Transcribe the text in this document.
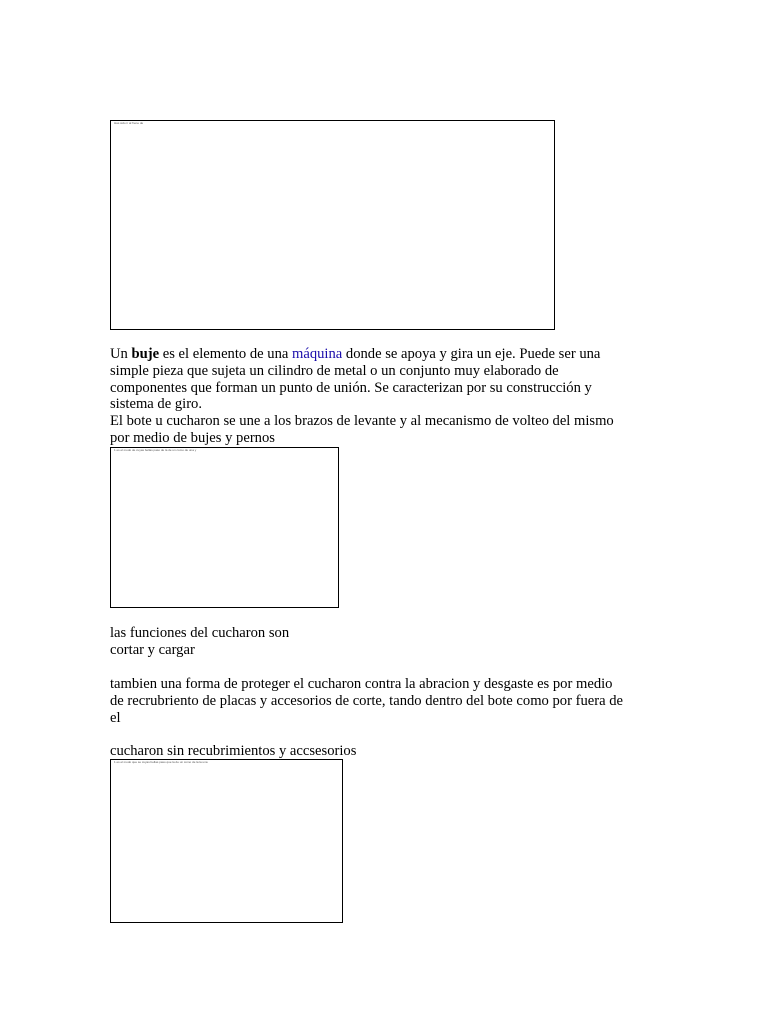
Has sido ir al frene de
Un buje es el elemento de una máquina donde se apoya y gira un eje. Puede ser una
simple pieza que sujeta un cilindro de metal o un conjunto muy elaborado de
componentes que forman un punto de unión. Se caracterizan por su construcción y
sistema de giro.
El bote u cucharon se une a los brazos de levante y al mecanismo de volteo del mismo
por medio de bujes y pernos
1 es el modo de cuyas bellas paso de la de un como de una y
las funciones del cucharon son
cortar y cargar
tambien una forma de proteger el cucharon contra la abracion y desgaste es por medio
de recrubriento de placas y accesorios de corte, tando dentro del bote como por fuera de
el
cucharon sin recubrimientos y accsesorios
1 es el modo que se cuyas bellas paso que la de un como de la la una
